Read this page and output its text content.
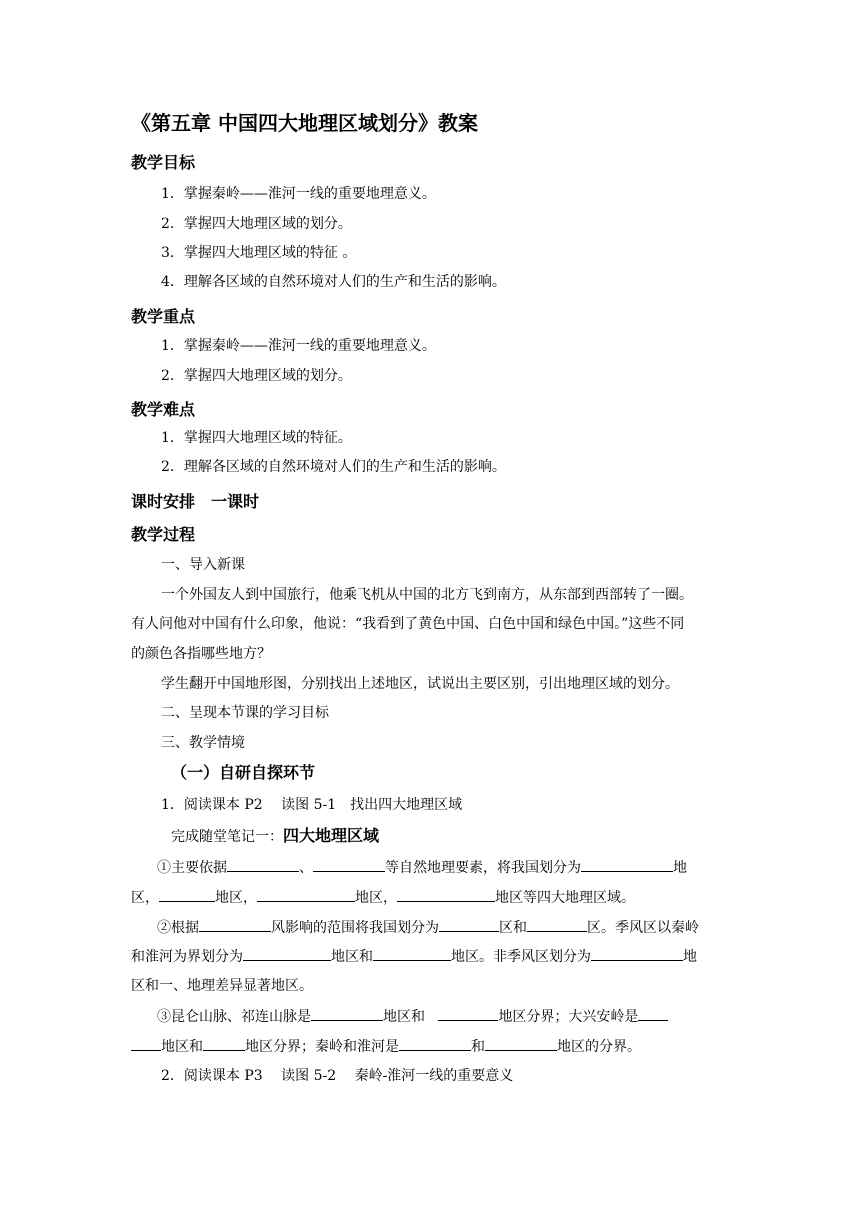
《第五章 中国四大地理区域划分》教案
教学目标
1．掌握秦岭——淮河一线的重要地理意义。
2．掌握四大地理区域的划分。
3．掌握四大地理区域的特征 。
4．理解各区域的自然环境对人们的生产和生活的影响。
教学重点
1．掌握秦岭——淮河一线的重要地理意义。
2．掌握四大地理区域的划分。
教学难点
1．掌握四大地理区域的特征。
2．理解各区域的自然环境对人们的生产和生活的影响。
课时安排　一课时
教学过程
一、导入新课
一个外国友人到中国旅行，他乘飞机从中国的北方飞到南方，从东部到西部转了一圈。
有人问他对中国有什么印象，他说：“我看到了黄色中国、白色中国和绿色中国。”这些不同
的颜色各指哪些地方？
学生翻开中国地形图，分别找出上述地区，试说出主要区别，引出地理区域的划分。
二、呈现本节课的学习目标
三、教学情境
（一）自研自探环节
1．阅读课本 P2　 读图 5-1　找出四大地理区域
完成随堂笔记一：四大地理区域
①主要依据	、	等自然地理要素，将我国划分为	地
区，	地区，	地区，	地区等四大地理区域。
②根据	风影响的范围将我国划分为	区和	区。季风区以秦岭
和淮河为界划分为	地区和	地区。非季风区划分为	地
区和一、地理差异显著地区。
③昆仑山脉、祁连山脉是	地区和	地区分界；大兴安岭是
地区和	地区分界；秦岭和淮河是	和	地区的分界。
2．阅读课本 P3　 读图 5-2　 秦岭-淮河一线的重要意义
